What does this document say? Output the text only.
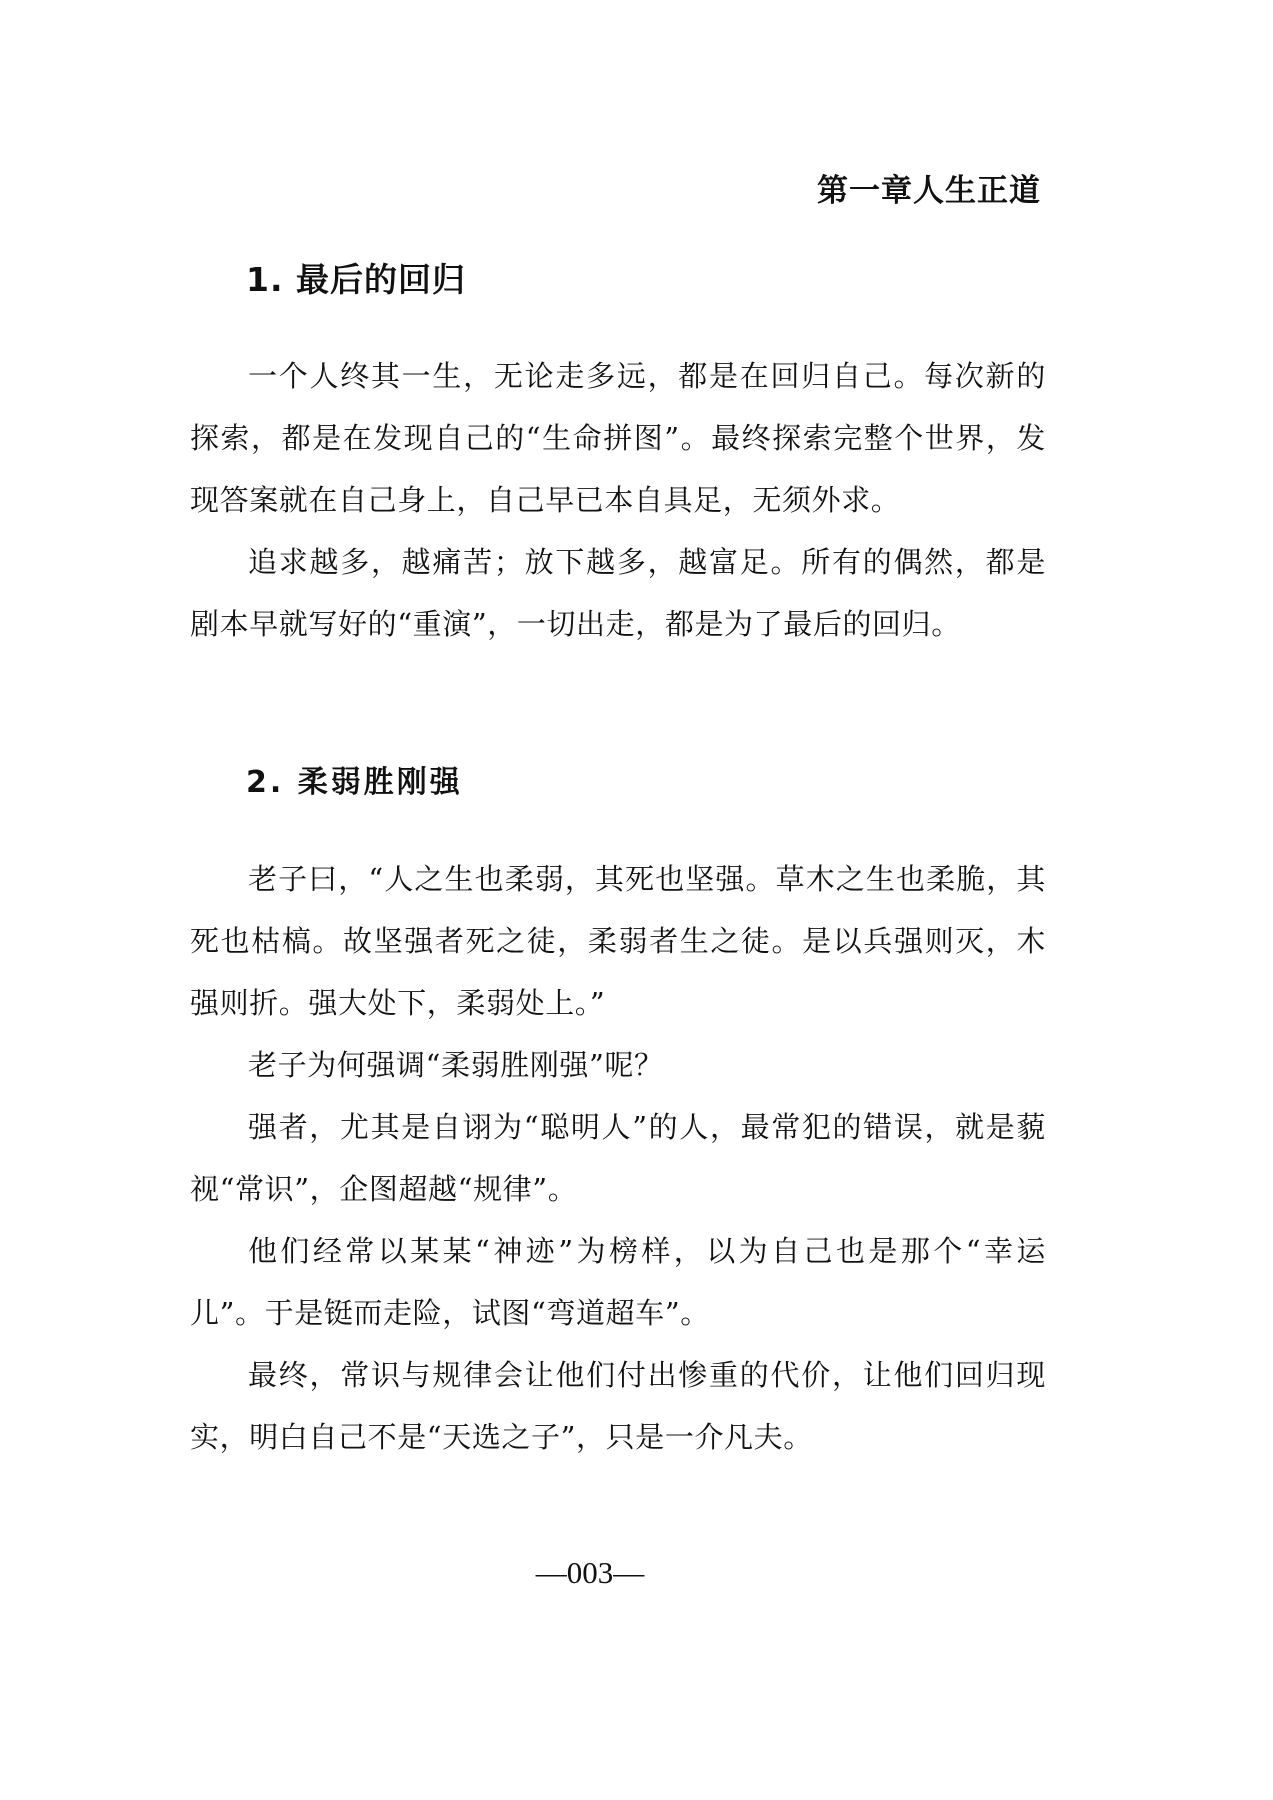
第一章人生正道
1. 最后的回归

一个人终其一生，无论走多远，都是在回归自己。每次新的探索，都是在发现自己的“生命拼图”。最终探索完整个世界，发现答案就在自己身上，自己早已本自具足，无须外求。

追求越多，越痛苦；放下越多，越富足。所有的偶然，都是剧本早就写好的“重演”，一切出走，都是为了最后的回归。

2. 柔弱胜刚强

老子曰，“人之生也柔弱，其死也坚强。草木之生也柔脆，其死也枯槁。故坚强者死之徒，柔弱者生之徒。是以兵强则灭，木强则折。强大处下，柔弱处上。”

老子为何强调“柔弱胜刚强”呢？

强者，尤其是自诩为“聪明人”的人，最常犯的错误，就是藐视“常识”，企图超越“规律”。

他们经常以某某“神迹”为榜样，以为自己也是那个“幸运儿”。于是铤而走险，试图“弯道超车”。

最终，常识与规律会让他们付出惨重的代价，让他们回归现实，明白自己不是“天选之子”，只是一介凡夫。

—003—
